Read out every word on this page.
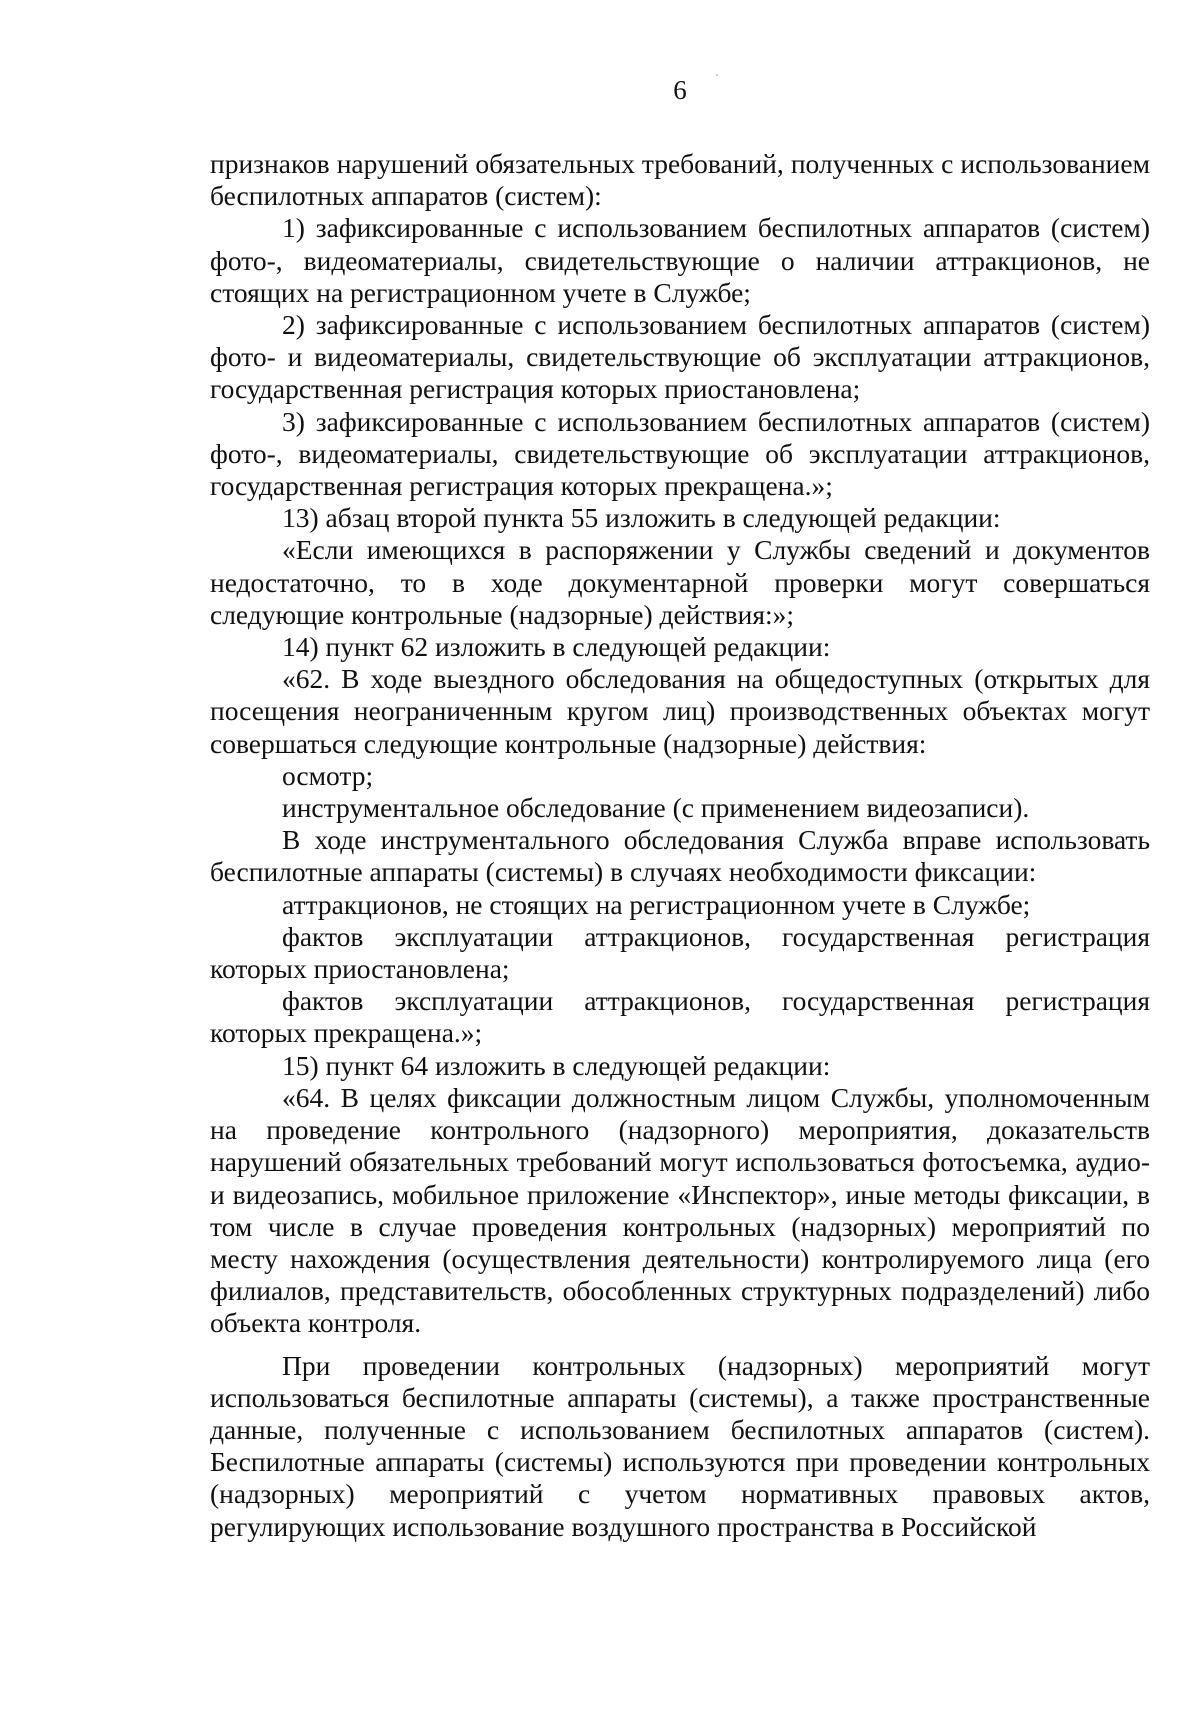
6

признаков нарушений обязательных требований, полученных с использованием беспилотных аппаратов (систем):

1) зафиксированные с использованием беспилотных аппаратов (систем) фото-, видеоматериалы, свидетельствующие о наличии аттракционов, не стоящих на регистрационном учете в Службе;

2) зафиксированные с использованием беспилотных аппаратов (систем) фото- и видеоматериалы, свидетельствующие об эксплуатации аттракционов, государственная регистрация которых приостановлена;

3) зафиксированные с использованием беспилотных аппаратов (систем) фото-, видеоматериалы, свидетельствующие об эксплуатации аттракционов, государственная регистрация которых прекращена.»;

13) абзац второй пункта 55 изложить в следующей редакции:

«Если имеющихся в распоряжении у Службы сведений и документов недостаточно, то в ходе документарной проверки могут совершаться следующие контрольные (надзорные) действия:»;

14) пункт 62 изложить в следующей редакции:

«62. В ходе выездного обследования на общедоступных (открытых для посещения неограниченным кругом лиц) производственных объектах могут совершаться следующие контрольные (надзорные) действия:

осмотр;

инструментальное обследование (с применением видеозаписи).

В ходе инструментального обследования Служба вправе использовать беспилотные аппараты (системы) в случаях необходимости фиксации:

аттракционов, не стоящих на регистрационном учете в Службе;

фактов эксплуатации аттракционов, государственная регистрация которых приостановлена;

фактов эксплуатации аттракционов, государственная регистрация которых прекращена.»;

15) пункт 64 изложить в следующей редакции:

«64. В целях фиксации должностным лицом Службы, уполномоченным на проведение контрольного (надзорного) мероприятия, доказательств нарушений обязательных требований могут использоваться фотосъемка, аудио- и видеозапись, мобильное приложение «Инспектор», иные методы фиксации, в том числе в случае проведения контрольных (надзорных) мероприятий по месту нахождения (осуществления деятельности) контролируемого лица (его филиалов, представительств, обособленных структурных подразделений) либо объекта контроля.

При проведении контрольных (надзорных) мероприятий могут использоваться беспилотные аппараты (системы), а также пространственные данные, полученные с использованием беспилотных аппаратов (систем). Беспилотные аппараты (системы) используются при проведении контрольных (надзорных) мероприятий с учетом нормативных правовых актов, регулирующих использование воздушного пространства в Российской
